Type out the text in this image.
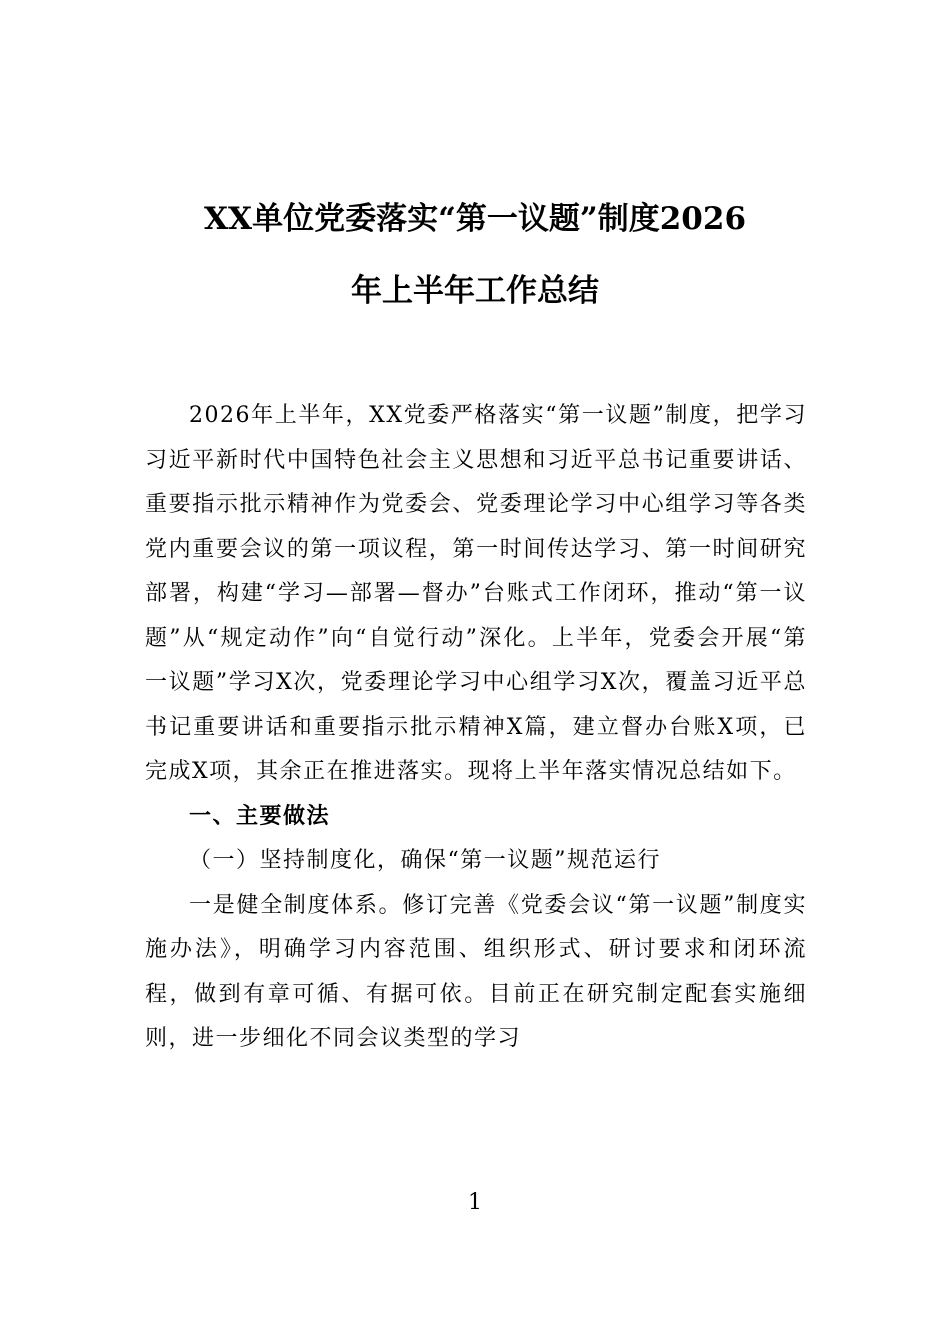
XX单位党委落实“第一议题”制度2026
年上半年工作总结

2026年上半年，XX党委严格落实“第一议题”制度，把学习习近平新时代中国特色社会主义思想和习近平总书记重要讲话、重要指示批示精神作为党委会、党委理论学习中心组学习等各类党内重要会议的第一项议程，第一时间传达学习、第一时间研究部署，构建“学习—部署—督办”台账式工作闭环，推动“第一议题”从“规定动作”向“自觉行动”深化。上半年，党委会开展“第一议题”学习X次，党委理论学习中心组学习X次，覆盖习近平总书记重要讲话和重要指示批示精神X篇，建立督办台账X项，已完成X项，其余正在推进落实。现将上半年落实情况总结如下。

一、主要做法

（一）坚持制度化，确保“第一议题”规范运行

一是健全制度体系。修订完善《党委会议“第一议题”制度实施办法》，明确学习内容范围、组织形式、研讨要求和闭环流程，做到有章可循、有据可依。目前正在研究制定配套实施细则，进一步细化不同会议类型的学习

1
